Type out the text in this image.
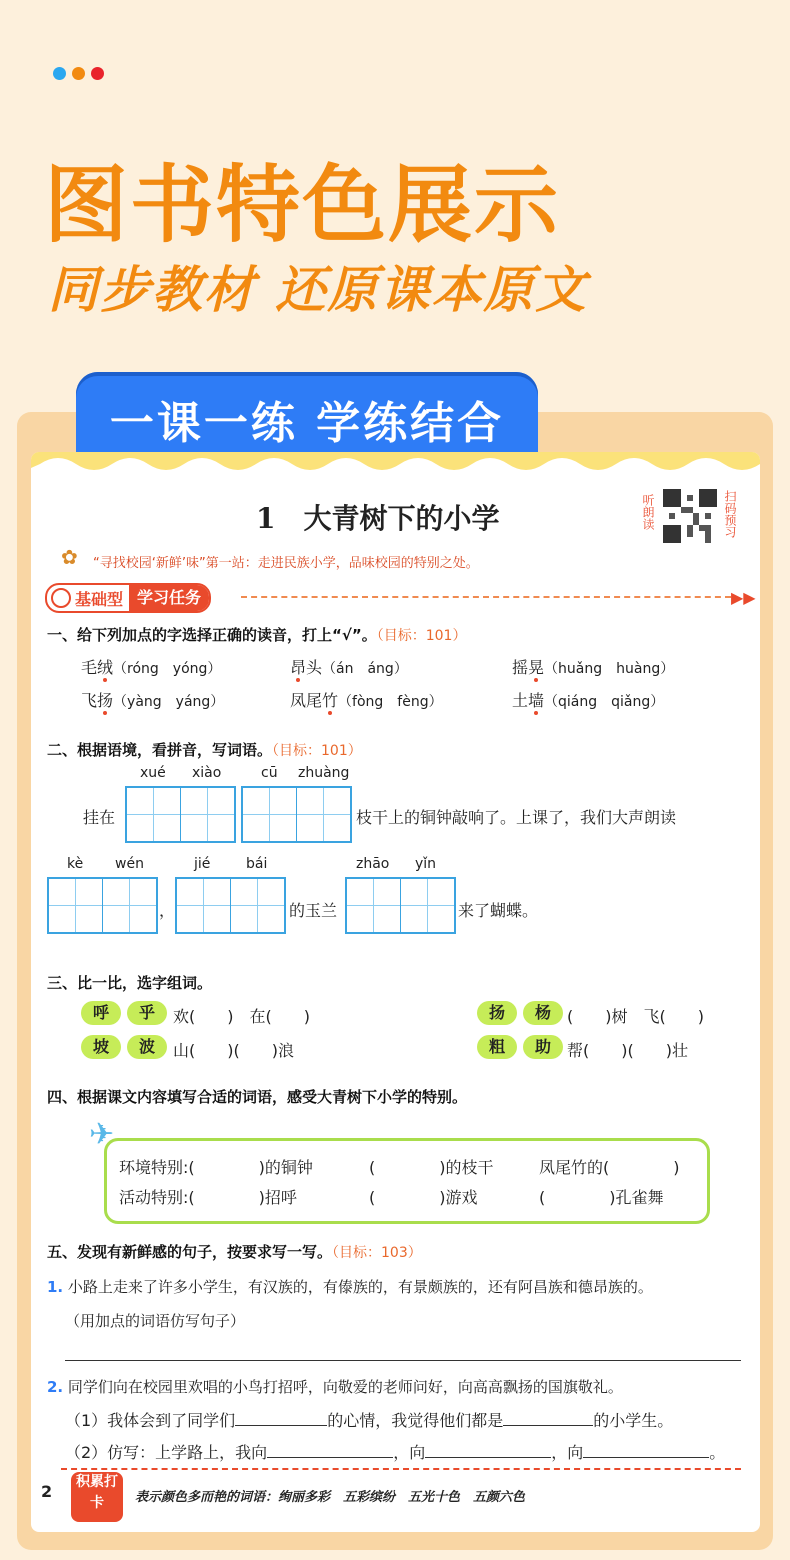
图书特色展示
同步教材 还原课本原文
一课一练 学练结合
1　大青树下的小学	听朗读	扫码预习
✿ “寻找校园‘新鲜’味”第一站：走进民族小学，品味校园的特别之处。
基础型 学习任务	▶▶
一、给下列加点的字选择正确的读音，打上“√”。（目标：101）
毛绒（róng　yóng）	昂头（án　áng）	摇晃（huǎng　huàng）
飞扬（yàng　yáng）	凤尾竹（fòng　fèng）	土墙（qiáng　qiǎng）
二、根据语境，看拼音，写词语。（目标：101）
xué xiào	cū zhuàng
挂在	枝干上的铜钟敲响了。上课了，我们大声朗读
kè wén	jié	bái	zhāo yǐn
，	的玉兰	来了蝴蝶。
三、比一比，选字组词。
呼	乎	欢(　　)　在(　　)	扬	杨	(　　)树　飞(　　)
坡	波	山(　　)(　　)浪	粗	助	帮(　　)(　　)壮
四、根据课文内容填写合适的词语，感受大青树下小学的特别。
✈
环境特别:(　　　　)的铜钟	(　　　　)的枝干	凤尾竹的(　　　　)
活动特别:(　　　　)招呼	(　　　　)游戏	(　　　　)孔雀舞
五、发现有新鲜感的句子，按要求写一写。（目标：103）
1. 小路上走来了许多小学生，有汉族的，有傣族的，有景颇族的，还有阿昌族和德昂族的。
（用加点的词语仿写句子）
2. 同学们向在校园里欢唱的小鸟打招呼，向敬爱的老师问好，向高高飘扬的国旗敬礼。
（1）我体会到了同学们	的心情，我觉得他们都是	的小学生。
（2）仿写：上学路上，我向	，向	，向	。
2	积累打卡	表示颜色多而艳的词语：绚丽多彩　五彩缤纷　五光十色　五颜六色
